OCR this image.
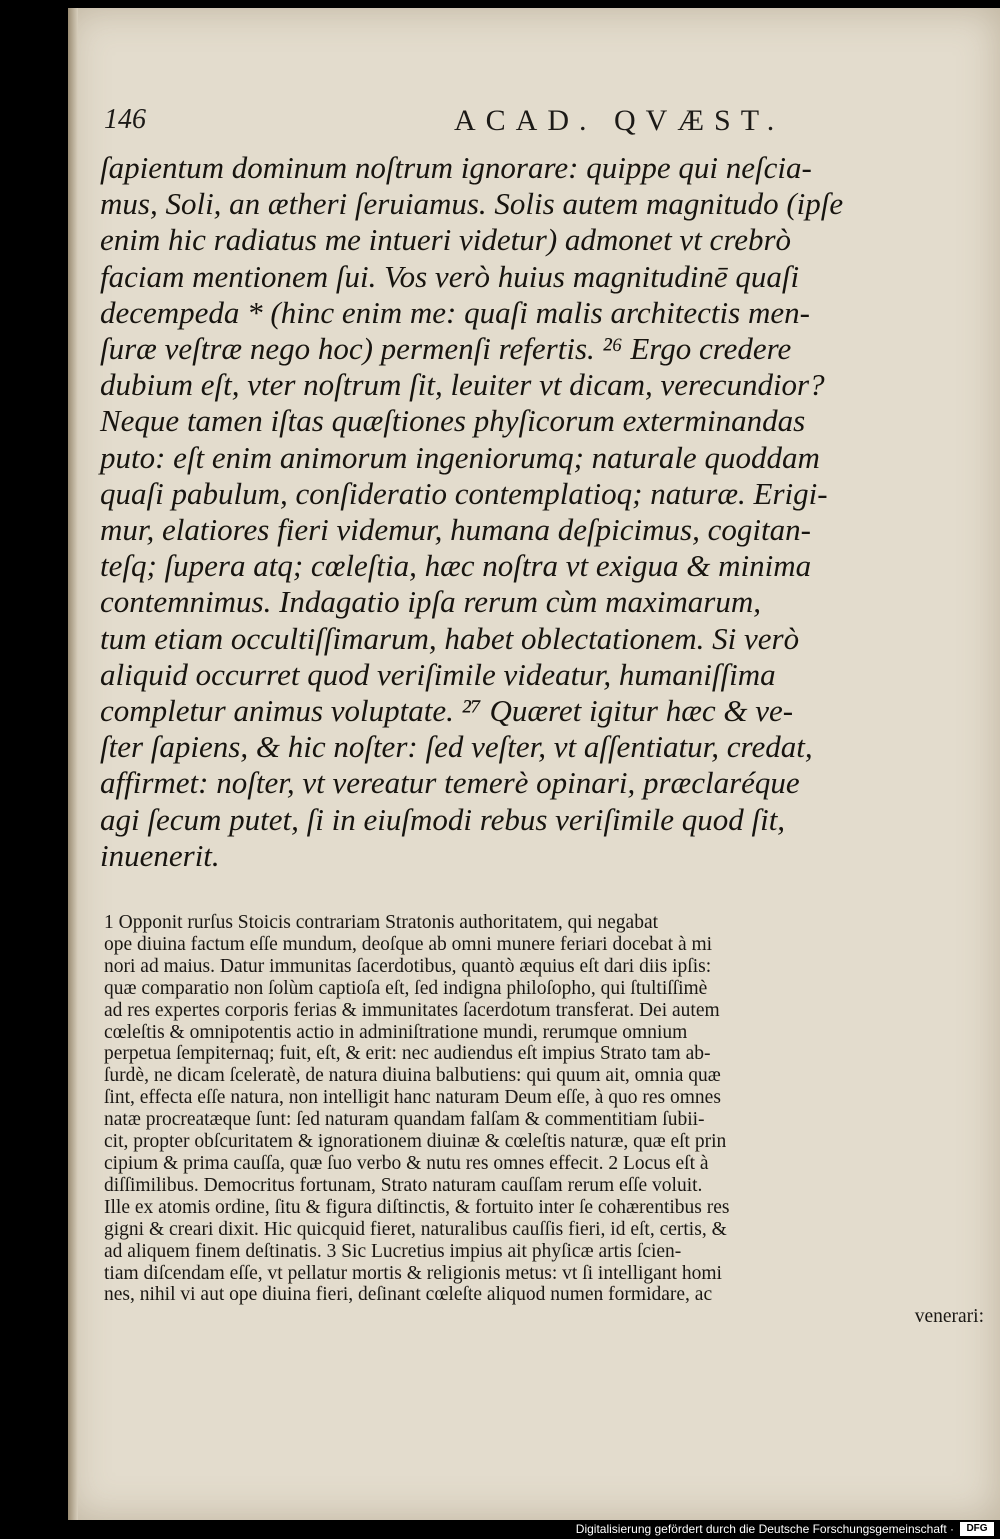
146	ACAD. QVÆST.
ſapientum dominum noſtrum ignorare: quippe qui neſcia-
mus, Soli, an ætheri ſeruiamus. Solis autem magnitudo (ipſe
enim hic radiatus me intueri videtur) admonet vt crebrò
faciam mentionem ſui. Vos verò huius magnitudinē quaſi
decempeda * (hinc enim me: quaſi malis architectis men-
ſuræ veſtræ nego hoc) permenſi refertis. ²⁶ Ergo credere
dubium eſt, vter noſtrum ſit, leuiter vt dicam, verecundior?
Neque tamen iſtas quæſtiones phyſicorum exterminandas
puto: eſt enim animorum ingeniorumq; naturale quoddam
quaſi pabulum, conſideratio contemplatioq; naturæ. Erigi-
mur, elatiores fieri videmur, humana deſpicimus, cogitan-
teſq; ſupera atq; cœleſtia, hæc noſtra vt exigua & minima
contemnimus. Indagatio ipſa rerum cùm maximarum,
tum etiam occultiſſimarum, habet oblectationem. Si verò
aliquid occurret quod veriſimile videatur, humaniſſima
completur animus voluptate. ²⁷ Quæret igitur hæc & ve-
ſter ſapiens, & hic noſter: ſed veſter, vt aſſentiatur, credat,
affirmet: noſter, vt vereatur temerè opinari, præclaréque
agi ſecum putet, ſi in eiuſmodi rebus veriſimile quod ſit,
inuenerit.
1 Opponit rurſus Stoicis contrariam Stratonis authoritatem, qui negabat
ope diuina factum eſſe mundum, deoſque ab omni munere feriari docebat à mi
nori ad maius. Datur immunitas ſacerdotibus, quantò æquius eſt dari diis ipſis:
quæ comparatio non ſolùm captioſa eſt, ſed indigna philoſopho, qui ſtultiſſimè
ad res expertes corporis ferias & immunitates ſacerdotum transferat. Dei autem
cœleſtis & omnipotentis actio in adminiſtratione mundi, rerumque omnium
perpetua ſempiternaq; fuit, eſt, & erit: nec audiendus eſt impius Strato tam ab-
ſurdè, ne dicam ſceleratè, de natura diuina balbutiens: qui quum ait, omnia quæ
ſint, effecta eſſe natura, non intelligit hanc naturam Deum eſſe, à quo res omnes
natæ procreatæque ſunt: ſed naturam quandam falſam & commentitiam ſubii-
cit, propter obſcuritatem & ignorationem diuinæ & cœleſtis naturæ, quæ eſt prin
cipium & prima cauſſa, quæ ſuo verbo & nutu res omnes effecit. 2 Locus eſt à
diſſimilibus. Democritus fortunam, Strato naturam cauſſam rerum eſſe voluit.
Ille ex atomis ordine, ſitu & figura diſtinctis, & fortuito inter ſe cohærentibus res
gigni & creari dixit. Hic quicquid fieret, naturalibus cauſſis fieri, id eſt, certis, &
ad aliquem finem deſtinatis. 3 Sic Lucretius impius ait phyſicæ artis ſcien-
tiam diſcendam eſſe, vt pellatur mortis & religionis metus: vt ſi intelligant homi
nes, nihil vi aut ope diuina fieri, deſinant cœleſte aliquod numen formidare, ac
venerari:
Digitalisierung gefördert durch die Deutsche Forschungsgemeinschaft ·	DFG
